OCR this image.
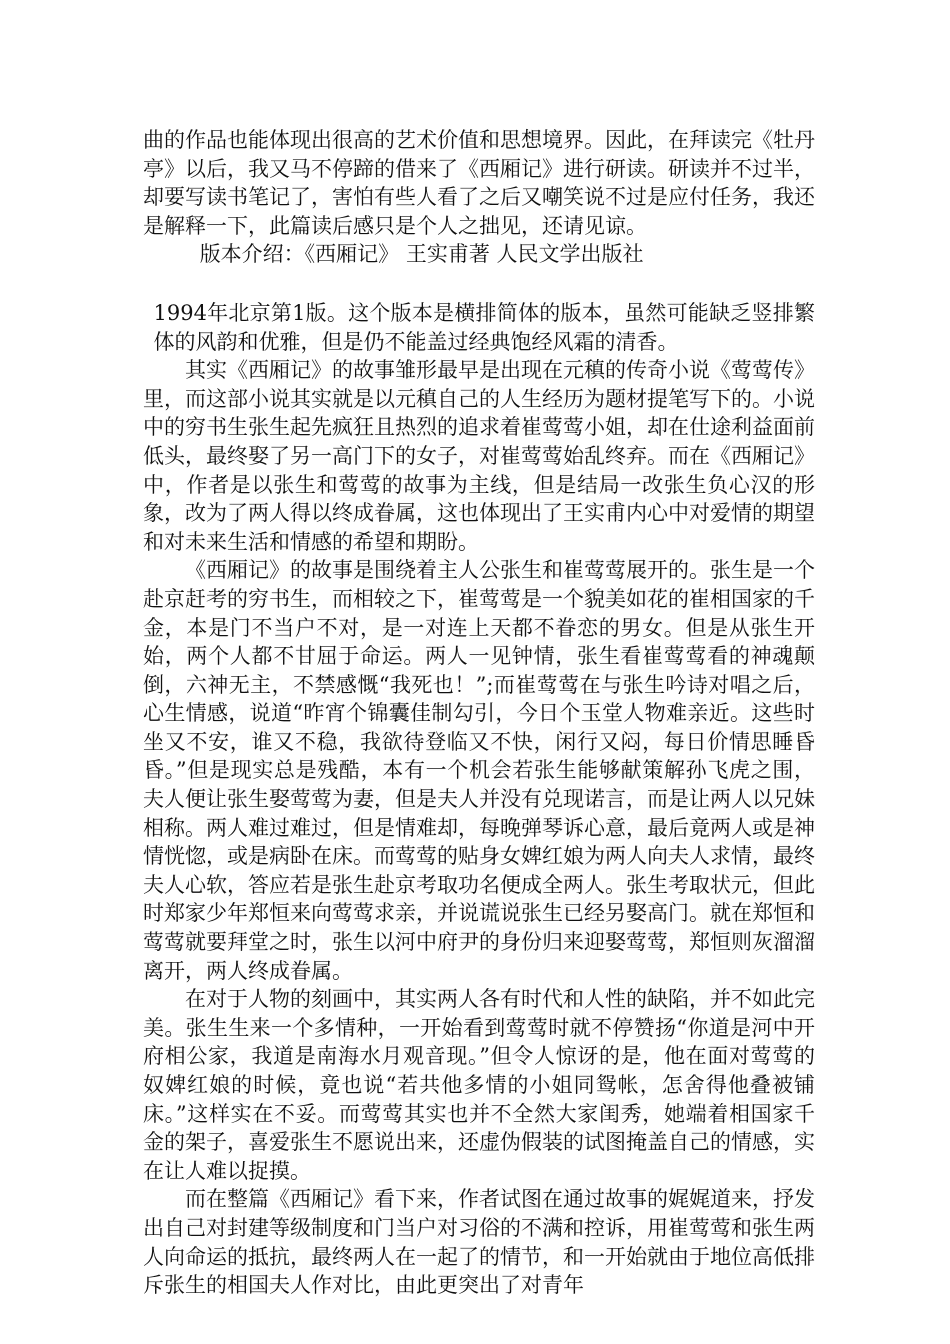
曲的作品也能体现出很高的艺术价值和思想境界。因此，在拜读完《牡丹亭》以后，我又马不停蹄的借来了《西厢记》进行研读。研读并不过半，却要写读书笔记了，害怕有些人看了之后又嘲笑说不过是应付任务，我还是解释一下，此篇读后感只是个人之拙见，还请见谅。

版本介绍：《西厢记》 王实甫著 人民文学出版社

1994年北京第1版。这个版本是横排简体的版本，虽然可能缺乏竖排繁体的风韵和优雅，但是仍不能盖过经典饱经风霜的清香。

其实《西厢记》的故事雏形最早是出现在元稹的传奇小说《莺莺传》里，而这部小说其实就是以元稹自己的人生经历为题材提笔写下的。小说中的穷书生张生起先疯狂且热烈的追求着崔莺莺小姐，却在仕途利益面前低头，最终娶了另一高门下的女子，对崔莺莺始乱终弃。而在《西厢记》中，作者是以张生和莺莺的故事为主线，但是结局一改张生负心汉的形象，改为了两人得以终成眷属，这也体现出了王实甫内心中对爱情的期望和对未来生活和情感的希望和期盼。

《西厢记》的故事是围绕着主人公张生和崔莺莺展开的。张生是一个赴京赶考的穷书生，而相较之下，崔莺莺是一个貌美如花的崔相国家的千金，本是门不当户不对，是一对连上天都不眷恋的男女。但是从张生开始，两个人都不甘屈于命运。两人一见钟情，张生看崔莺莺看的神魂颠倒，六神无主，不禁感慨“我死也！”;而崔莺莺在与张生吟诗对唱之后，心生情感，说道“昨宵个锦囊佳制勾引，今日个玉堂人物难亲近。这些时坐又不安，谁又不稳，我欲待登临又不快，闲行又闷，每日价情思睡昏昏。”但是现实总是残酷，本有一个机会若张生能够献策解孙飞虎之围，夫人便让张生娶莺莺为妻，但是夫人并没有兑现诺言，而是让两人以兄妹相称。两人难过难过，但是情难却，每晚弹琴诉心意，最后竟两人或是神情恍惚，或是病卧在床。而莺莺的贴身女婢红娘为两人向夫人求情，最终夫人心软，答应若是张生赴京考取功名便成全两人。张生考取状元，但此时郑家少年郑恒来向莺莺求亲，并说谎说张生已经另娶高门。就在郑恒和莺莺就要拜堂之时，张生以河中府尹的身份归来迎娶莺莺，郑恒则灰溜溜离开，两人终成眷属。

在对于人物的刻画中，其实两人各有时代和人性的缺陷，并不如此完美。张生生来一个多情种，一开始看到莺莺时就不停赞扬“你道是河中开府相公家，我道是南海水月观音现。”但令人惊讶的是，他在面对莺莺的奴婢红娘的时候，竟也说“若共他多情的小姐同鸳帐，怎舍得他叠被铺床。”这样实在不妥。而莺莺其实也并不全然大家闺秀，她端着相国家千金的架子，喜爱张生不愿说出来，还虚伪假装的试图掩盖自己的情感，实在让人难以捉摸。

而在整篇《西厢记》看下来，作者试图在通过故事的娓娓道来，抒发出自己对封建等级制度和门当户对习俗的不满和控诉，用崔莺莺和张生两人向命运的抵抗，最终两人在一起了的情节，和一开始就由于地位高低排斥张生的相国夫人作对比，由此更突出了对青年
